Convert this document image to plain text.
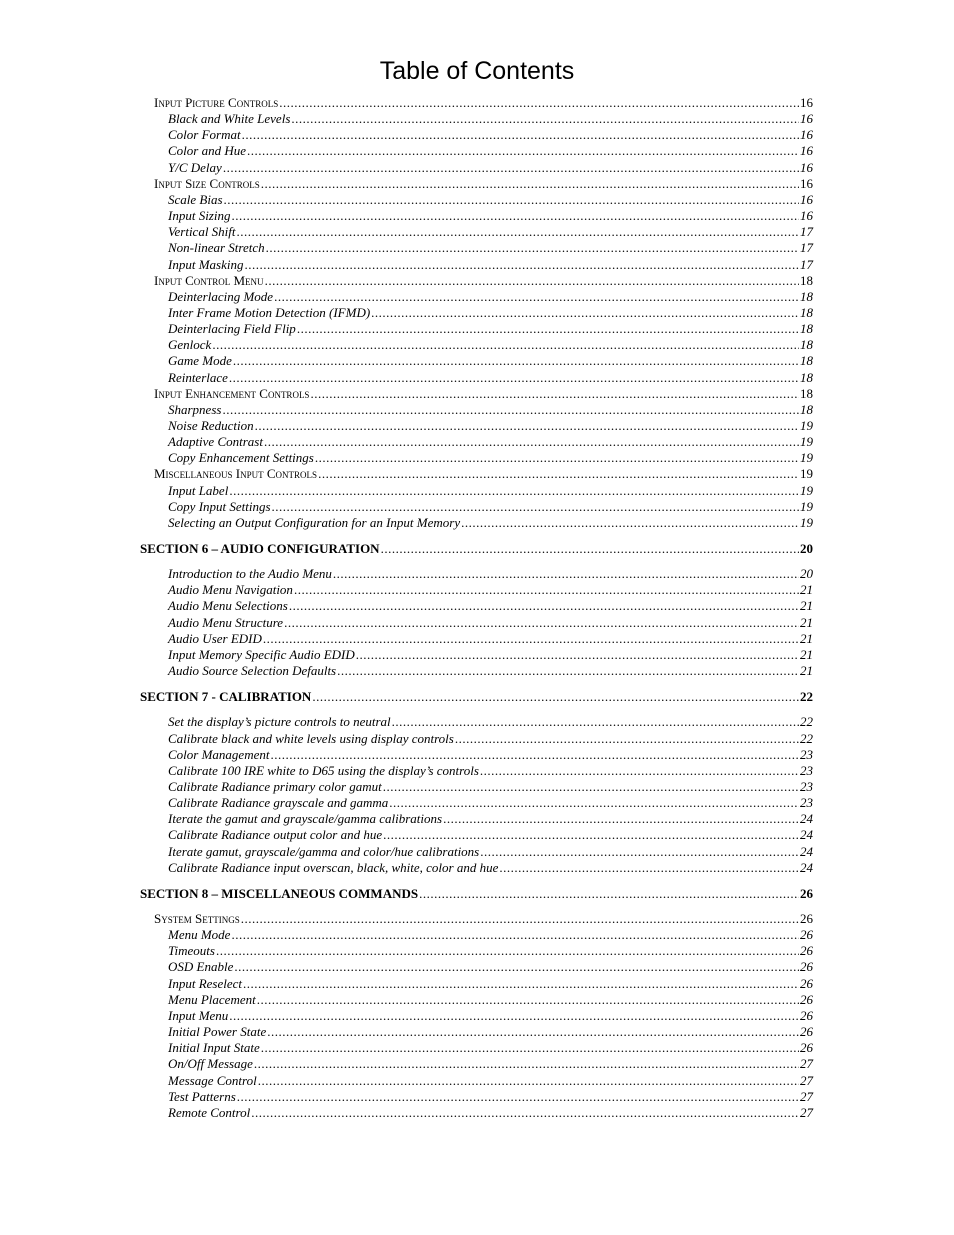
Table of Contents
Input Picture Controls .....	16
Black and White Levels .....	16
Color Format .....	16
Color and Hue .....	16
Y/C Delay .....	16
Input Size Controls .....	16
Scale Bias .....	16
Input Sizing .....	16
Vertical Shift .....	17
Non-linear Stretch .....	17
Input Masking .....	17
Input Control Menu .....	18
Deinterlacing Mode .....	18
Inter Frame Motion Detection (IFMD) .....	18
Deinterlacing Field Flip .....	18
Genlock .....	18
Game Mode .....	18
Reinterlace .....	18
Input Enhancement Controls .....	18
Sharpness .....	18
Noise Reduction .....	19
Adaptive Contrast .....	19
Copy Enhancement Settings .....	19
Miscellaneous Input Controls .....	19
Input Label .....	19
Copy Input Settings .....	19
Selecting an Output Configuration for an Input Memory .....	19
SECTION 6 – AUDIO CONFIGURATION .....	20
Introduction to the Audio Menu .....	20
Audio Menu Navigation .....	21
Audio Menu Selections .....	21
Audio Menu Structure .....	21
Audio User EDID .....	21
Input Memory Specific Audio EDID .....	21
Audio Source Selection Defaults .....	21
SECTION 7 - CALIBRATION .....	22
Set the display’s picture controls to neutral .....	22
Calibrate black and white levels using display controls .....	22
Color Management .....	23
Calibrate 100 IRE white to D65 using the display’s controls .....	23
Calibrate Radiance primary color gamut .....	23
Calibrate Radiance grayscale and gamma .....	23
Iterate the gamut and grayscale/gamma calibrations .....	24
Calibrate Radiance output color and hue .....	24
Iterate gamut, grayscale/gamma and color/hue calibrations .....	24
Calibrate Radiance input overscan, black, white, color and hue .....	24
SECTION 8 – MISCELLANEOUS COMMANDS .....	26
System Settings .....	26
Menu Mode .....	26
Timeouts .....	26
OSD Enable .....	26
Input Reselect .....	26
Menu Placement .....	26
Input Menu .....	26
Initial Power State .....	26
Initial Input State .....	26
On/Off Message .....	27
Message Control .....	27
Test Patterns .....	27
Remote Control .....	27
